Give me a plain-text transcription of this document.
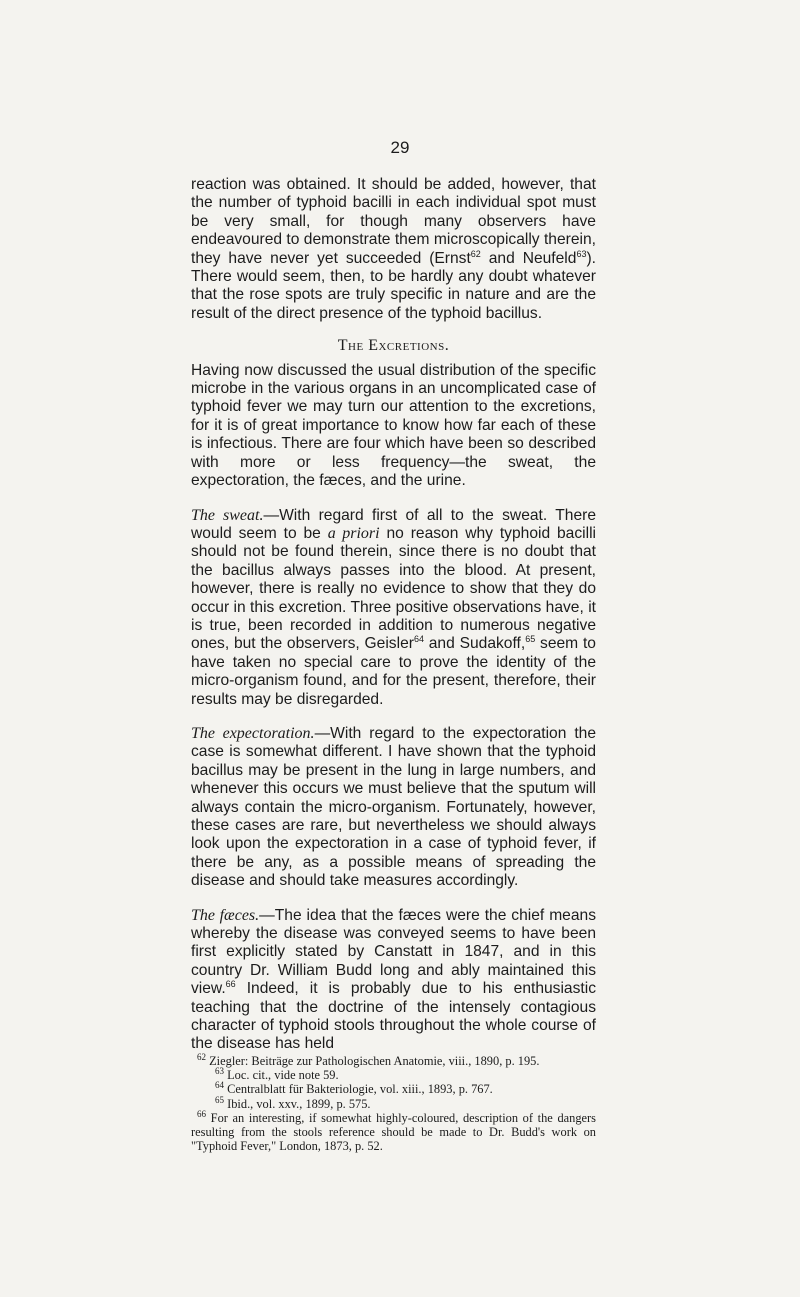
29

reaction was obtained. It should be added, however, that the number of typhoid bacilli in each individual spot must be very small, for though many observers have endeavoured to demonstrate them microscopically therein, they have never yet succeeded (Ernst$^{62}$ and Neufeld$^{63}$). There would seem, then, to be hardly any doubt whatever that the rose spots are truly specific in nature and are the result of the direct presence of the typhoid bacillus.

The Excretions.

Having now discussed the usual distribution of the specific microbe in the various organs in an uncomplicated case of typhoid fever we may turn our attention to the excretions, for it is of great importance to know how far each of these is infectious. There are four which have been so described with more or less frequency—the sweat, the expectoration, the fæces, and the urine.

The sweat.—With regard first of all to the sweat. There would seem to be a priori no reason why typhoid bacilli should not be found therein, since there is no doubt that the bacillus always passes into the blood. At present, however, there is really no evidence to show that they do occur in this excretion. Three positive observations have, it is true, been recorded in addition to numerous negative ones, but the observers, Geisler$^{64}$ and Sudakoff,$^{65}$ seem to have taken no special care to prove the identity of the micro-organism found, and for the present, therefore, their results may be disregarded.

The expectoration.—With regard to the expectoration the case is somewhat different. I have shown that the typhoid bacillus may be present in the lung in large numbers, and whenever this occurs we must believe that the sputum will always contain the micro-organism. Fortunately, however, these cases are rare, but nevertheless we should always look upon the expectoration in a case of typhoid fever, if there be any, as a possible means of spreading the disease and should take measures accordingly.

The fæces.—The idea that the fæces were the chief means whereby the disease was conveyed seems to have been first explicitly stated by Canstatt in 1847, and in this country Dr. William Budd long and ably maintained this view.$^{66}$ Indeed, it is probably due to his enthusiastic teaching that the doctrine of the intensely contagious character of typhoid stools throughout the whole course of the disease has held

$^{62}$ Ziegler: Beiträge zur Pathologischen Anatomie, viii., 1890, p. 195.

$^{63}$ Loc. cit., vide note 59.

$^{64}$ Centralblatt für Bakteriologie, vol. xiii., 1893, p. 767.

$^{65}$ Ibid., vol. xxv., 1899, p. 575.

$^{66}$ For an interesting, if somewhat highly-coloured, description of the dangers resulting from the stools reference should be made to Dr. Budd's work on "Typhoid Fever," London, 1873, p. 52.
